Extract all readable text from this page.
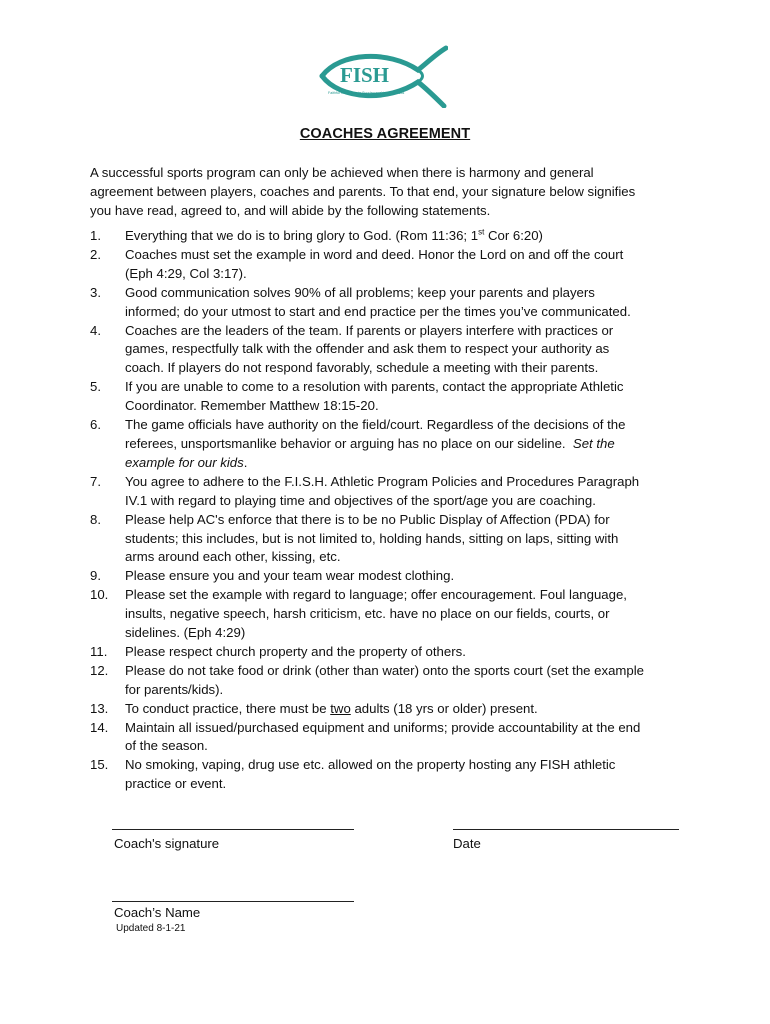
FISH
Faithful Instruction in Sportsmanship & Holiness
COACHES AGREEMENT
A successful sports program can only be achieved when there is harmony and general
agreement between players, coaches and parents. To that end, your signature below signifies
you have read, agreed to, and will abide by the following statements.
1. Everything that we do is to bring glory to God. (Rom 11:36; 1st Cor 6:20)
2. Coaches must set the example in word and deed. Honor the Lord on and off the court
(Eph 4:29, Col 3:17).
3. Good communication solves 90% of all problems; keep your parents and players
informed; do your utmost to start and end practice per the times you’ve communicated.
4. Coaches are the leaders of the team. If parents or players interfere with practices or
games, respectfully talk with the offender and ask them to respect your authority as
coach. If players do not respond favorably, schedule a meeting with their parents.
5. If you are unable to come to a resolution with parents, contact the appropriate Athletic
Coordinator. Remember Matthew 18:15-20.
6. The game officials have authority on the field/court. Regardless of the decisions of the
referees, unsportsmanlike behavior or arguing has no place on our sideline. Set the
example for our kids.
7. You agree to adhere to the F.I.S.H. Athletic Program Policies and Procedures Paragraph
IV.1 with regard to playing time and objectives of the sport/age you are coaching.
8. Please help AC's enforce that there is to be no Public Display of Affection (PDA) for
students; this includes, but is not limited to, holding hands, sitting on laps, sitting with
arms around each other, kissing, etc.
9. Please ensure you and your team wear modest clothing.
10. Please set the example with regard to language; offer encouragement. Foul language,
insults, negative speech, harsh criticism, etc. have no place on our fields, courts, or
sidelines. (Eph 4:29)
11. Please respect church property and the property of others.
12. Please do not take food or drink (other than water) onto the sports court (set the example
for parents/kids).
13. To conduct practice, there must be two adults (18 yrs or older) present.
14. Maintain all issued/purchased equipment and uniforms; provide accountability at the end
of the season.
15. No smoking, vaping, drug use etc. allowed on the property hosting any FISH athletic
practice or event.
Coach's signature	Date
Coach’s Name
Updated 8-1-21
